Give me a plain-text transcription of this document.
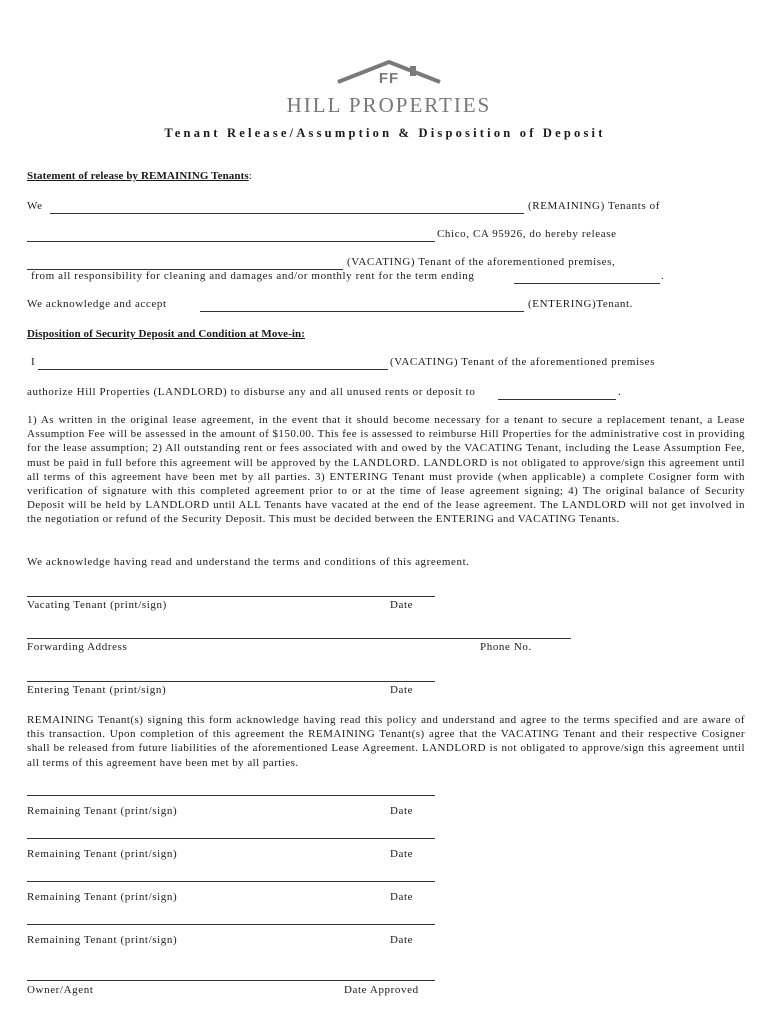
FF
HILL PROPERTIES
Tenant Release/Assumption & Disposition of Deposit
Statement of release by REMAINING Tenants:
We	(REMAINING) Tenants of
Chico, CA 95926, do hereby release
(VACATING) Tenant of the aforementioned premises,
from all responsibility for cleaning and damages and/or monthly rent for the term ending	.
We acknowledge and accept	(ENTERING)Tenant.
Disposition of Security Deposit and Condition at Move-in:
I	(VACATING) Tenant of the aforementioned premises
authorize Hill Properties (LANDLORD) to disburse any and all unused rents or deposit to	.
1) As written in the original lease agreement, in the event that it should become necessary for a tenant to secure a replacement tenant, a Lease Assumption Fee will be assessed in the amount of $150.00. This fee is assessed to reimburse Hill Properties for the administrative cost in providing for the lease assumption; 2) All outstanding rent or fees associated with and owed by the VACATING Tenant, including the Lease Assumption Fee, must be paid in full before this agreement will be approved by the LANDLORD. LANDLORD is not obligated to approve/sign this agreement until all terms of this agreement have been met by all parties. 3) ENTERING Tenant must provide (when applicable) a complete Cosigner form with verification of signature with this completed agreement prior to or at the time of lease agreement signing; 4) The original balance of Security Deposit will be held by LANDLORD until ALL Tenants have vacated at the end of the lease agreement. The LANDLORD will not get involved in the negotiation or refund of the Security Deposit. This must be decided between the ENTERING and VACATING Tenants.
We acknowledge having read and understand the terms and conditions of this agreement.
Vacating Tenant (print/sign)	Date
Forwarding Address	Phone No.
Entering Tenant (print/sign)	Date
REMAINING Tenant(s) signing this form acknowledge having read this policy and understand and agree to the terms specified and are aware of this transaction. Upon completion of this agreement the REMAINING Tenant(s) agree that the VACATING Tenant and their respective Cosigner shall be released from future liabilities of the aforementioned Lease Agreement. LANDLORD is not obligated to approve/sign this agreement until all terms of this agreement have been met by all parties.
Remaining Tenant (print/sign)	Date
Remaining Tenant (print/sign)	Date
Remaining Tenant (print/sign)	Date
Remaining Tenant (print/sign)	Date
Owner/Agent	Date Approved
